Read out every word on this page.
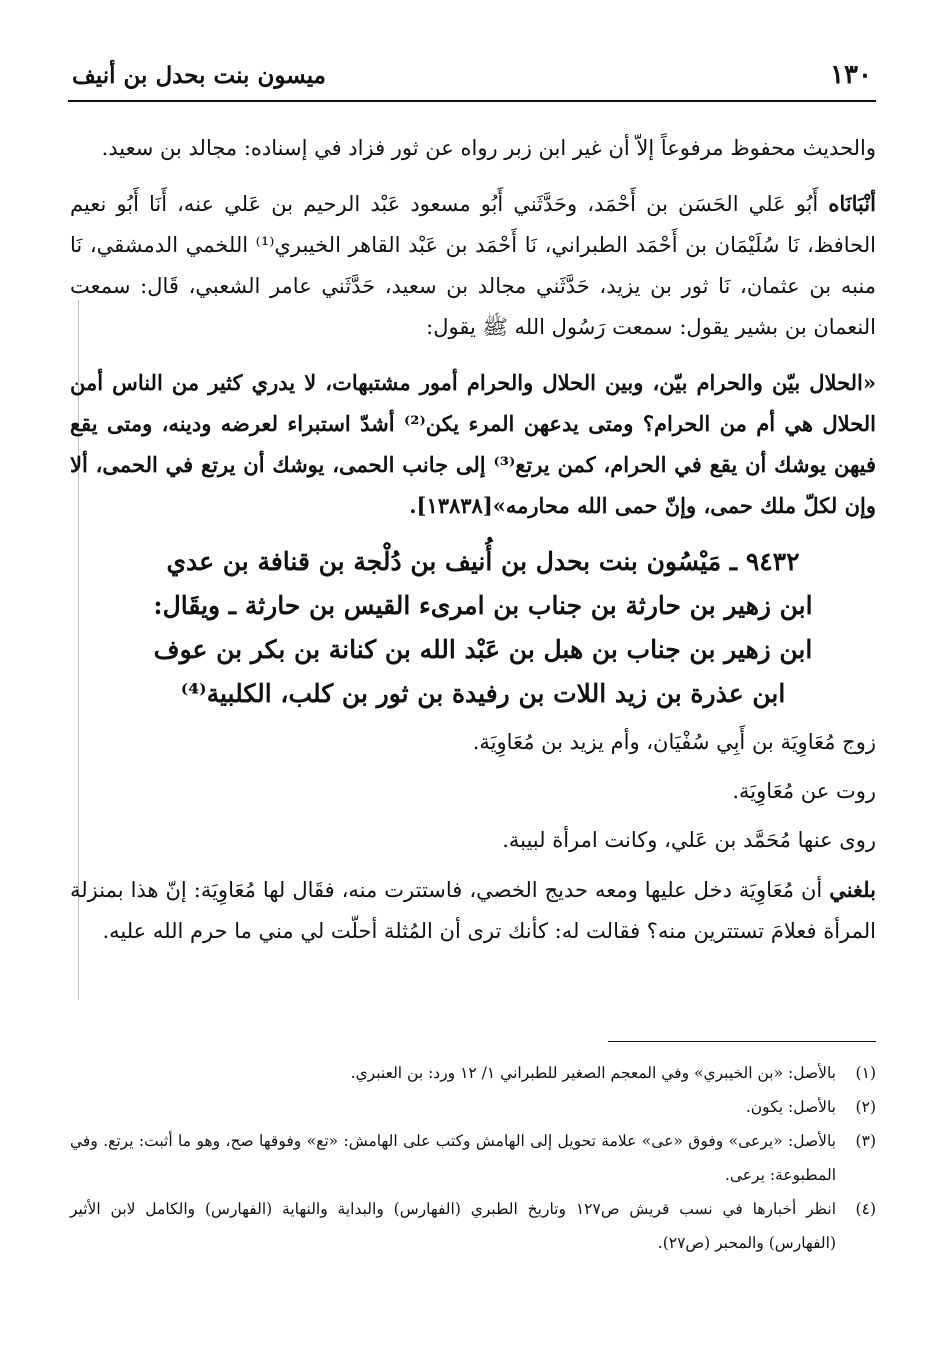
١٣٠
ميسون بنت بحدل بن أنيف

والحديث محفوظ مرفوعاً إلاّ أن غير ابن زبر رواه عن ثور فزاد في إسناده: مجالد بن سعيد.

أنْبَانَاه أَبُو عَلي الحَسَن بن أَحْمَد، وحَدَّثَني أَبُو مسعود عَبْد الرحيم بن عَلي عنه، أَنَا أَبُو نعيم الحافظ، نَا سُلَيْمَان بن أَحْمَد الطبراني، نَا أَحْمَد بن عَبْد القاهر الخيبري⁽¹⁾ اللخمي الدمشقي، نَا منبه بن عثمان، نَا ثور بن يزيد، حَدَّثَني مجالد بن سعيد، حَدَّثَني عامر الشعبي، قَال: سمعت النعمان بن بشير يقول: سمعت رَسُول الله ﷺ يقول:

«الحلال بيّن والحرام بيّن، وبين الحلال والحرام أمور مشتبهات، لا يدري كثير من الناس أمن الحلال هي أم من الحرام؟ ومتى يدعهن المرء يكن⁽²⁾ أشدّ استبراء لعرضه ودينه، ومتى يقع فيهن يوشك أن يقع في الحرام، كمن يرتع⁽³⁾ إلى جانب الحمى، يوشك أن يرتع في الحمى، ألا وإن لكلّ ملك حمى، وإنّ حمى الله محارمه»[١٣٨٣٨].

٩٤٣٢ ـ مَيْسُون بنت بحدل بن أُنيف بن دُلْجة بن قنافة بن عدي
ابن زهير بن حارثة بن جناب بن امرىء القيس بن حارثة ـ ويقَال:
ابن زهير بن جناب بن هبل بن عَبْد الله بن كنانة بن بكر بن عوف
ابن عذرة بن زيد اللات بن رفيدة بن ثور بن كلب، الكلبية⁽⁴⁾

زوج مُعَاوِيَة بن أَبِي سُفْيَان، وأم يزيد بن مُعَاوِيَة.

روت عن مُعَاوِيَة.

روى عنها مُحَمَّد بن عَلي، وكانت امرأة لبيبة.

بلغني أن مُعَاوِيَة دخل عليها ومعه حديج الخصي، فاستترت منه، فقَال لها مُعَاوِيَة: إنّ هذا بمنزلة المرأة فعلامَ تستترين منه؟ فقالت له: كأنك ترى أن المُثلة أحلّت لي مني ما حرم الله عليه.

(١)
بالأصل: «بن الخيبري» وفي المعجم الصغير للطبراني ١/ ١٢ ورد: بن العنبري.
(٢)
بالأصل: يكون.
(٣)
بالأصل: «يرعى» وفوق «عى» علامة تحويل إلى الهامش وكتب على الهامش: «تع» وفوقها صح، وهو ما أثبت: يرتع. وفي المطبوعة: يرعى.
(٤)
انظر أخبارها في نسب قريش ص١٢٧ وتاريخ الطبري (الفهارس) والبداية والنهاية (الفهارس) والكامل لابن الأثير (الفهارس) والمحبر (ص٢٧).
